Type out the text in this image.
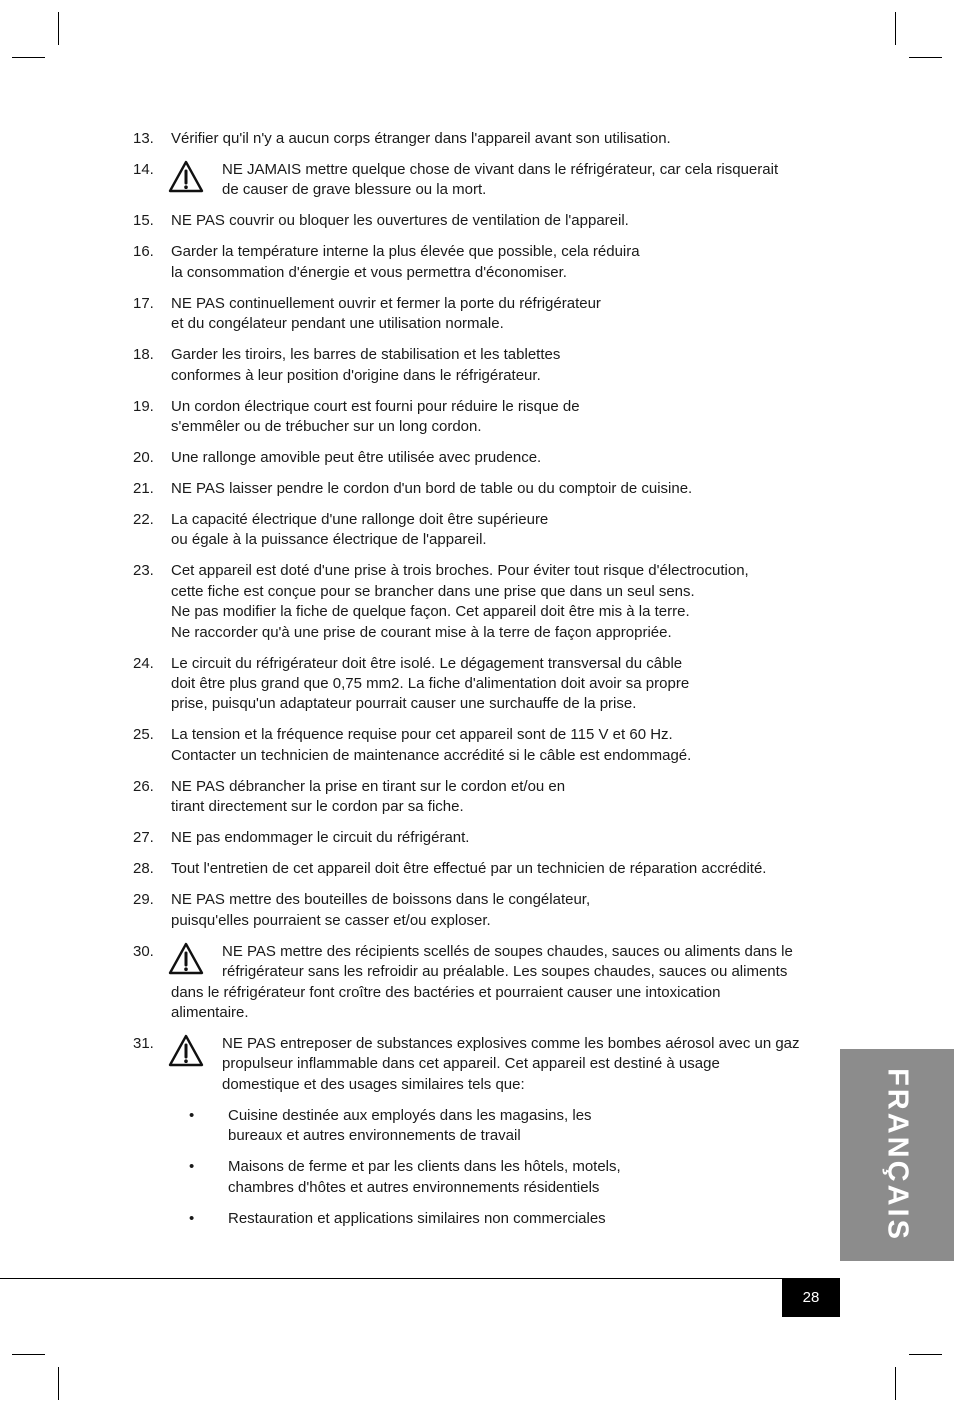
13. Vérifier qu'il n'y a aucun corps étranger dans l'appareil avant son utilisation.
14.	NE JAMAIS mettre quelque chose de vivant dans le réfrigérateur, car cela risquerait
de causer de grave blessure ou la mort.
15. NE PAS couvrir ou bloquer les ouvertures de ventilation de l'appareil.
16. Garder la température interne la plus élevée que possible, cela réduira
la consommation d'énergie et vous permettra d'économiser.
17. NE PAS continuellement ouvrir et fermer la porte du réfrigérateur
et du congélateur pendant une utilisation normale.
18. Garder les tiroirs, les barres de stabilisation et les tablettes
conformes à leur position d'origine dans le réfrigérateur.
19. Un cordon électrique court est fourni pour réduire le risque de
s'emmêler ou de trébucher sur un long cordon.
20. Une rallonge amovible peut être utilisée avec prudence.
21. NE PAS laisser pendre le cordon d'un bord de table ou du comptoir de cuisine.
22. La capacité électrique d'une rallonge doit être supérieure
ou égale à la puissance électrique de l'appareil.
23. Cet appareil est doté d'une prise à trois broches. Pour éviter tout risque d'électrocution,
cette fiche est conçue pour se brancher dans une prise que dans un seul sens.
Ne pas modifier la fiche de quelque façon. Cet appareil doit être mis à la terre.
Ne raccorder qu'à une prise de courant mise à la terre de façon appropriée.
24. Le circuit du réfrigérateur doit être isolé. Le dégagement transversal du câble
doit être plus grand que 0,75 mm2. La fiche d'alimentation doit avoir sa propre
prise, puisqu'un adaptateur pourrait causer une surchauffe de la prise.
25. La tension et la fréquence requise pour cet appareil sont de 115 V et 60 Hz.
Contacter un technicien de maintenance accrédité si le câble est endommagé.
26. NE PAS débrancher la prise en tirant sur le cordon et/ou en
tirant directement sur le cordon par sa fiche.
27. NE pas endommager le circuit du réfrigérant.
28. Tout l'entretien de cet appareil doit être effectué par un technicien de réparation accrédité.
29. NE PAS mettre des bouteilles de boissons dans le congélateur,
puisqu'elles pourraient se casser et/ou exploser.
30.	NE PAS mettre des récipients scellés de soupes chaudes, sauces ou aliments dans le
réfrigérateur sans les refroidir au préalable. Les soupes chaudes, sauces ou aliments
dans le réfrigérateur font croître des bactéries et pourraient causer une intoxication
alimentaire.
31.	NE PAS entreposer de substances explosives comme les bombes aérosol avec un gaz
propulseur inflammable dans cet appareil. Cet appareil est destiné à usage
domestique et des usages similaires tels que:
• Cuisine destinée aux employés dans les magasins, les
bureaux et autres environnements de travail
• Maisons de ferme et par les clients dans les hôtels, motels,
chambres d'hôtes et autres environnements résidentiels
• Restauration et applications similaires non commerciales	FRANÇAIS
28
